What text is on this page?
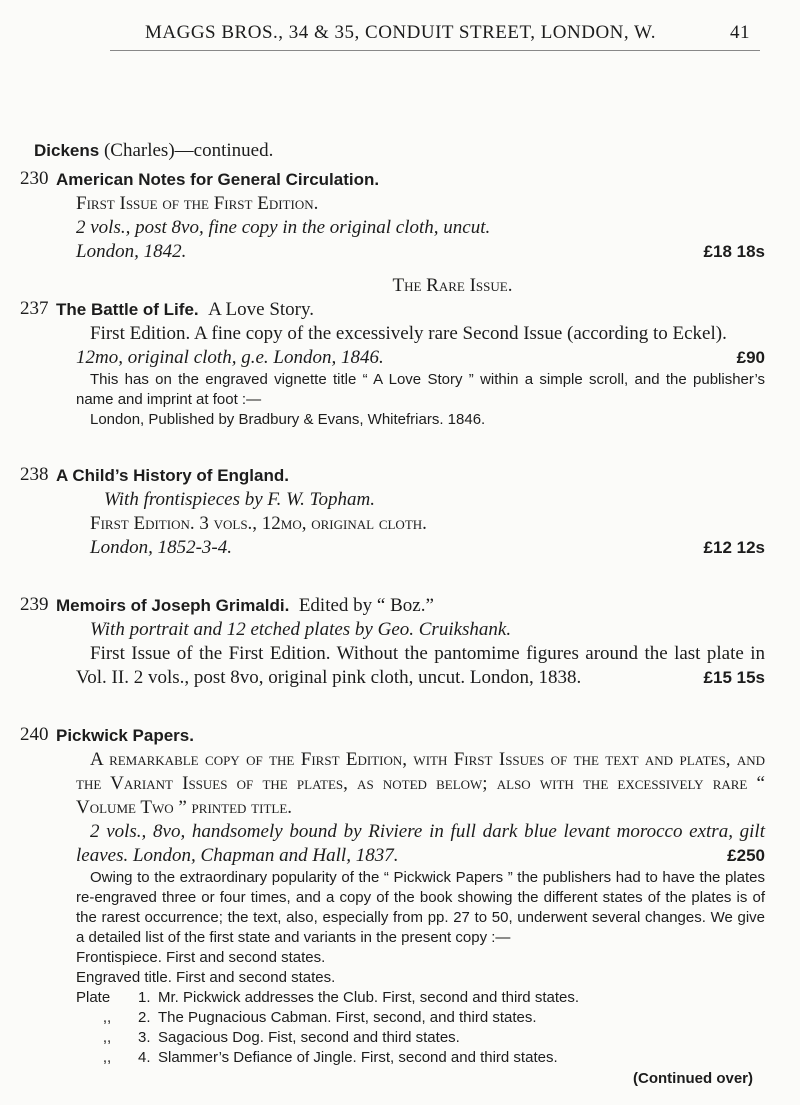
MAGGS BROS., 34 & 35, CONDUIT STREET, LONDON, W.	41
Dickens (Charles)—continued.
230 American Notes for General Circulation.
First Issue of the First Edition.
2 vols., post 8vo, fine copy in the original cloth, uncut.
London, 1842.	£18 18s
The Rare Issue.
237 The Battle of Life. A Love Story.
First Edition. A fine copy of the excessively rare Second Issue (according to Eckel).
12mo, original cloth, g.e. London, 1846.	£90
This has on the engraved vignette title “ A Love Story ” within a simple scroll, and the publisher’s name and imprint at foot :—
London, Published by Bradbury & Evans, Whitefriars. 1846.
238 A Child’s History of England.
With frontispieces by F. W. Topham.
First Edition. 3 vols., 12mo, original cloth.
London, 1852-3-4.	£12 12s
239 Memoirs of Joseph Grimaldi. Edited by “ Boz.”
With portrait and 12 etched plates by Geo. Cruikshank.
First Issue of the First Edition. Without the pantomime figures around the last plate in Vol. II. 2 vols., post 8vo, original pink cloth, uncut. London, 1838.	£15 15s
240 Pickwick Papers.
A remarkable copy of the First Edition, with First Issues of the text and plates, and the Variant Issues of the plates, as noted below; also with the excessively rare “ Volume Two ” printed title.
2 vols., 8vo, handsomely bound by Riviere in full dark blue levant morocco extra, gilt leaves. London, Chapman and Hall, 1837.	£250
Owing to the extraordinary popularity of the “ Pickwick Papers ” the publishers had to have the plates re-engraved three or four times, and a copy of the book showing the different states of the plates is of the rarest occurrence; the text, also, especially from pp. 27 to 50, underwent several changes. We give a detailed list of the first state and variants in the present copy :—
Frontispiece. First and second states.
Engraved title. First and second states.
Plate	1. Mr. Pickwick addresses the Club. First, second and third states.
,,	2. The Pugnacious Cabman. First, second, and third states.
,,	3. Sagacious Dog. Fist, second and third states.
,,	4. Slammer’s Defiance of Jingle. First, second and third states.
(Continued over)
